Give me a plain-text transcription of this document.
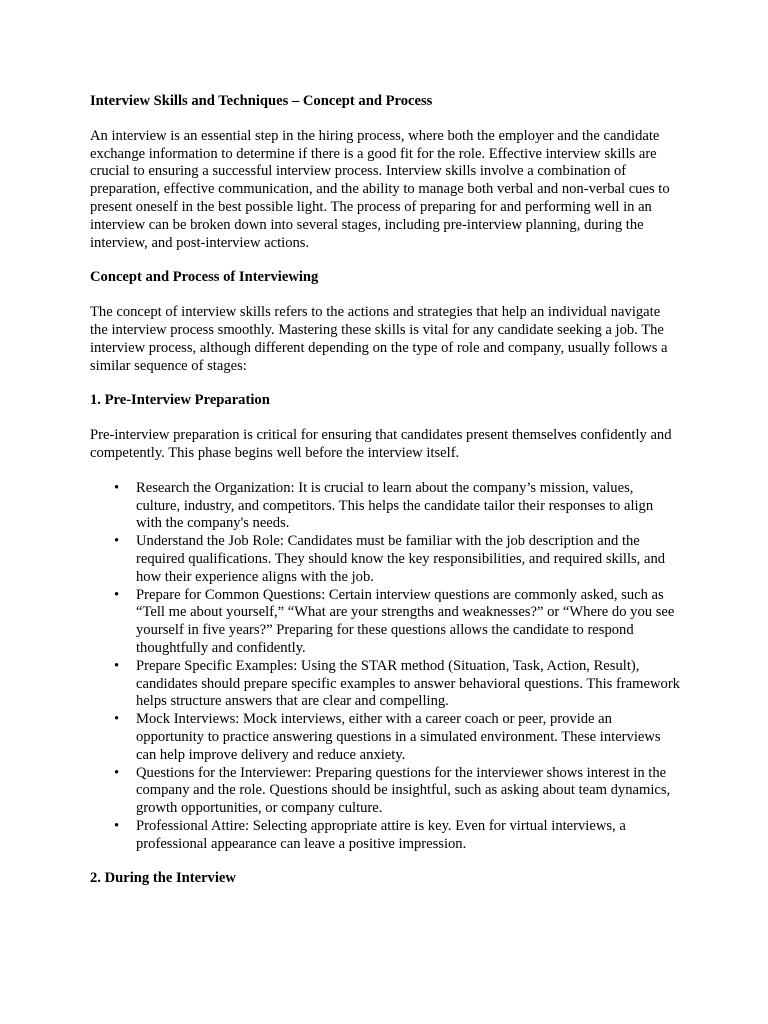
Interview Skills and Techniques – Concept and Process

An interview is an essential step in the hiring process, where both the employer and the candidate exchange information to determine if there is a good fit for the role. Effective interview skills are crucial to ensuring a successful interview process. Interview skills involve a combination of preparation, effective communication, and the ability to manage both verbal and non-verbal cues to present oneself in the best possible light. The process of preparing for and performing well in an interview can be broken down into several stages, including pre-interview planning, during the interview, and post-interview actions.

Concept and Process of Interviewing

The concept of interview skills refers to the actions and strategies that help an individual navigate the interview process smoothly. Mastering these skills is vital for any candidate seeking a job. The interview process, although different depending on the type of role and company, usually follows a similar sequence of stages:

1. Pre-Interview Preparation

Pre-interview preparation is critical for ensuring that candidates present themselves confidently and competently. This phase begins well before the interview itself.

• Research the Organization: It is crucial to learn about the company’s mission, values, culture, industry, and competitors. This helps the candidate tailor their responses to align with the company's needs.
• Understand the Job Role: Candidates must be familiar with the job description and the required qualifications. They should know the key responsibilities, and required skills, and how their experience aligns with the job.
• Prepare for Common Questions: Certain interview questions are commonly asked, such as “Tell me about yourself,” “What are your strengths and weaknesses?” or “Where do you see yourself in five years?” Preparing for these questions allows the candidate to respond thoughtfully and confidently.
• Prepare Specific Examples: Using the STAR method (Situation, Task, Action, Result), candidates should prepare specific examples to answer behavioral questions. This framework helps structure answers that are clear and compelling.
• Mock Interviews: Mock interviews, either with a career coach or peer, provide an opportunity to practice answering questions in a simulated environment. These interviews can help improve delivery and reduce anxiety.
• Questions for the Interviewer: Preparing questions for the interviewer shows interest in the company and the role. Questions should be insightful, such as asking about team dynamics, growth opportunities, or company culture.
• Professional Attire: Selecting appropriate attire is key. Even for virtual interviews, a professional appearance can leave a positive impression.
2. During the Interview
